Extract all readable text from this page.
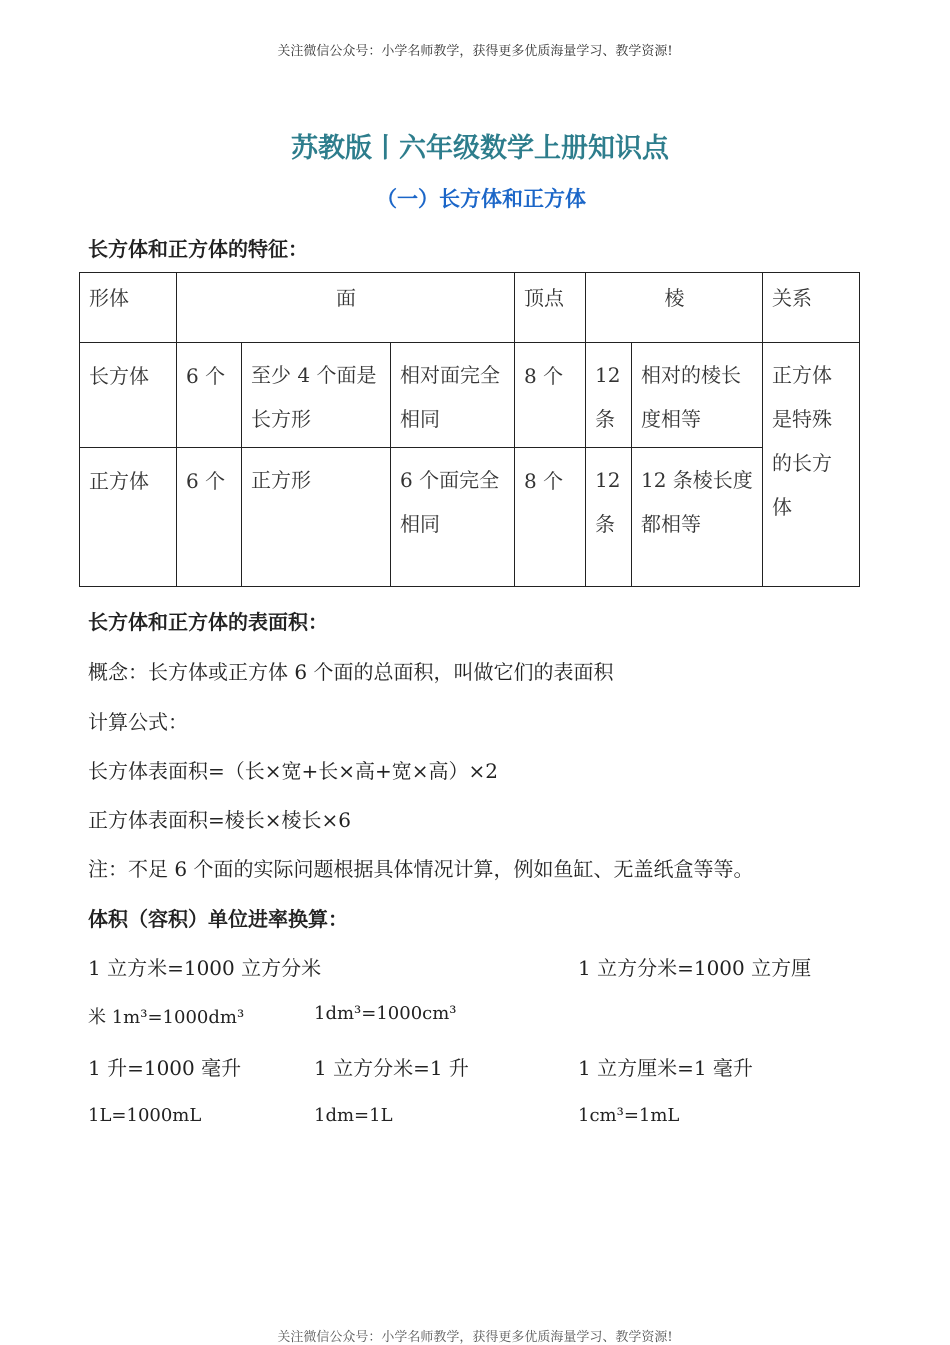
关注微信公众号：小学名师教学，获得更多优质海量学习、教学资源!
苏教版丨六年级数学上册知识点
（一）长方体和正方体
长方体和正方体的特征：
形体	面			顶点	棱		关系
长方体	6 个	至少 4 个面是长方形	相对面完全相同	8 个	12 条	相对的棱长度相等	正方体是特殊的长方体

正方体	6 个	正方形	6 个面完全相同	8 个	12 条	12 条棱长度都相等	
长方体和正方体的表面积：
概念：长方体或正方体 6 个面的总面积，叫做它们的表面积
计算公式：
长方体表面积=（长×宽+长×高+宽×高）×2
正方体表面积=棱长×棱长×6
注：不足 6 个面的实际问题根据具体情况计算，例如鱼缸、无盖纸盒等等。
体积（容积）单位进率换算：
1 立方米=1000 立方分米	1 立方分米=1000 立方厘
米 1m³=1000dm³	1dm³=1000cm³
1 升=1000 毫升	1 立方分米=1 升	1 立方厘米=1 毫升
1L=1000mL	1dm=1L	1cm³=1mL
关注微信公众号：小学名师教学，获得更多优质海量学习、教学资源!
